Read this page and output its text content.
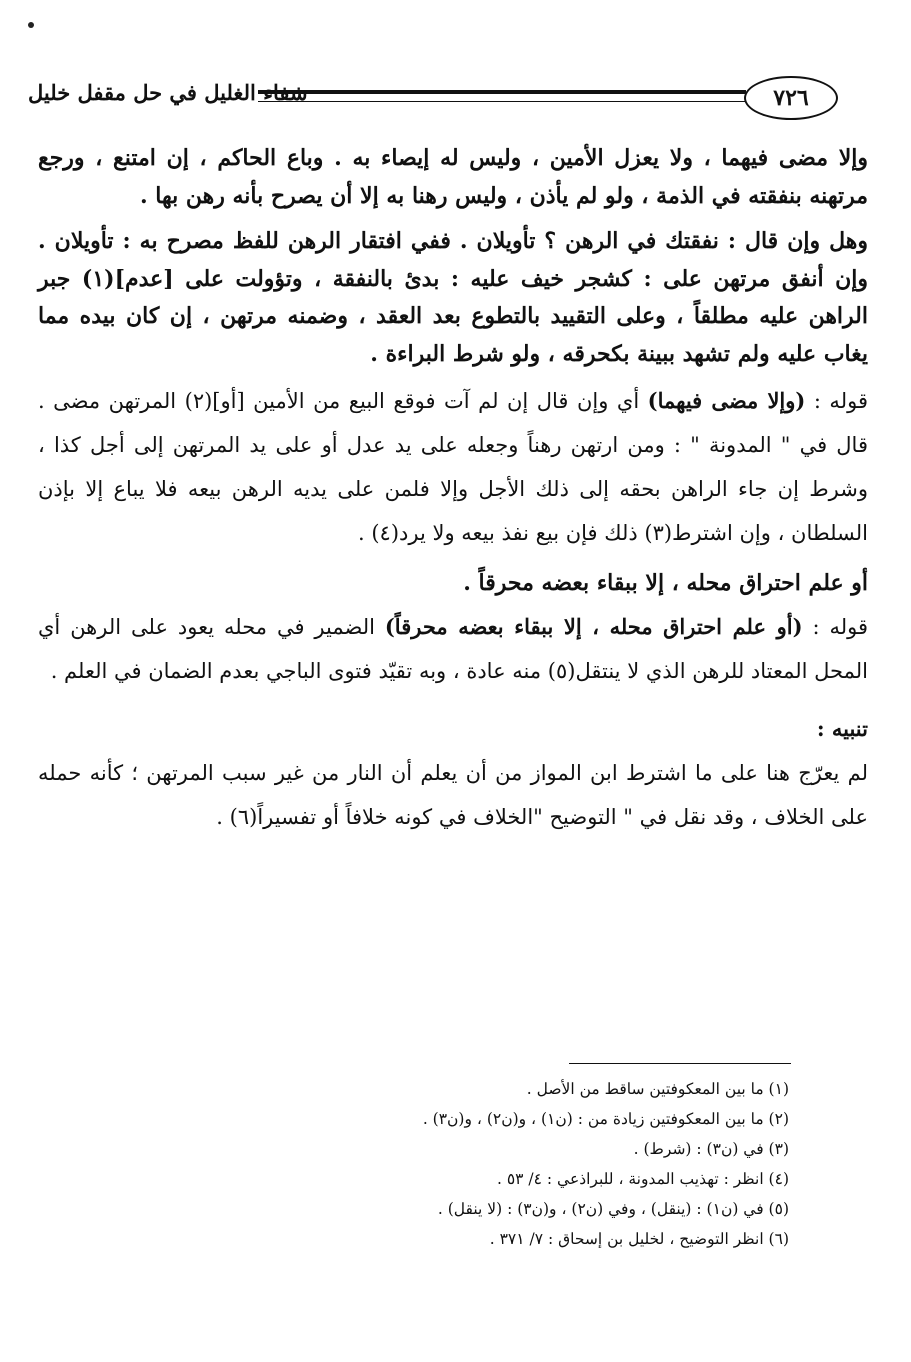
٧٢٦
شفاء الغليل في حل مقفل خليل

وإلا مضى فيهما ، ولا يعزل الأمين ، وليس له إيصاء به . وباع الحاكم ، إن امتنع ، ورجع مرتهنه بنفقته في الذمة ، ولو لم يأذن ، وليس رهنا به إلا أن يصرح بأنه رهن بها .

وهل وإن قال : نفقتك في الرهن ؟ تأويلان . ففي افتقار الرهن للفظ مصرح به : تأويلان . وإن أنفق مرتهن على : كشجر خيف عليه : بدئ بالنفقة ، وتؤولت على [عدم](١) جبر الراهن عليه مطلقاً ، وعلى التقييد بالتطوع بعد العقد ، وضمنه مرتهن ، إن كان بيده مما يغاب عليه ولم تشهد ببينة بكحرقه ، ولو شرط البراءة .

قوله : (وإلا مضى فيهما) أي وإن قال إن لم آت فوقع البيع من الأمين [أو](٢) المرتهن مضى . قال في " المدونة " : ومن ارتهن رهناً وجعله على يد عدل أو على يد المرتهن إلى أجل كذا ، وشرط إن جاء الراهن بحقه إلى ذلك الأجل وإلا فلمن على يديه الرهن بيعه فلا يباع إلا بإذن السلطان ، وإن اشترط(٣) ذلك فإن بيع نفذ بيعه ولا يرد(٤) .

أو علم احتراق محله ، إلا ببقاء بعضه محرقاً .

قوله : (أو علم احتراق محله ، إلا ببقاء بعضه محرقاً) الضمير في محله يعود على الرهن أي المحل المعتاد للرهن الذي لا ينتقل(٥) منه عادة ، وبه تقيّد فتوى الباجي بعدم الضمان في العلم .

تنبيه :

لم يعرّج هنا على ما اشترط ابن المواز من أن يعلم أن النار من غير سبب المرتهن ؛ كأنه حمله على الخلاف ، وقد نقل في " التوضيح "الخلاف في كونه خلافاً أو تفسيراً(٦) .

(١) ما بين المعكوفتين ساقط من الأصل .
(٢) ما بين المعكوفتين زيادة من : (ن١) ، و(ن٢) ، و(ن٣) .
(٣) في (ن٣) : (شرط) .
(٤) انظر : تهذيب المدونة ، للبراذعي : ٤/ ٥٣ .
(٥) في (ن١) : (ينقل) ، وفي (ن٢) ، و(ن٣) : (لا ينقل) .
(٦) انظر التوضيح ، لخليل بن إسحاق : ٧/ ٣٧١ .
